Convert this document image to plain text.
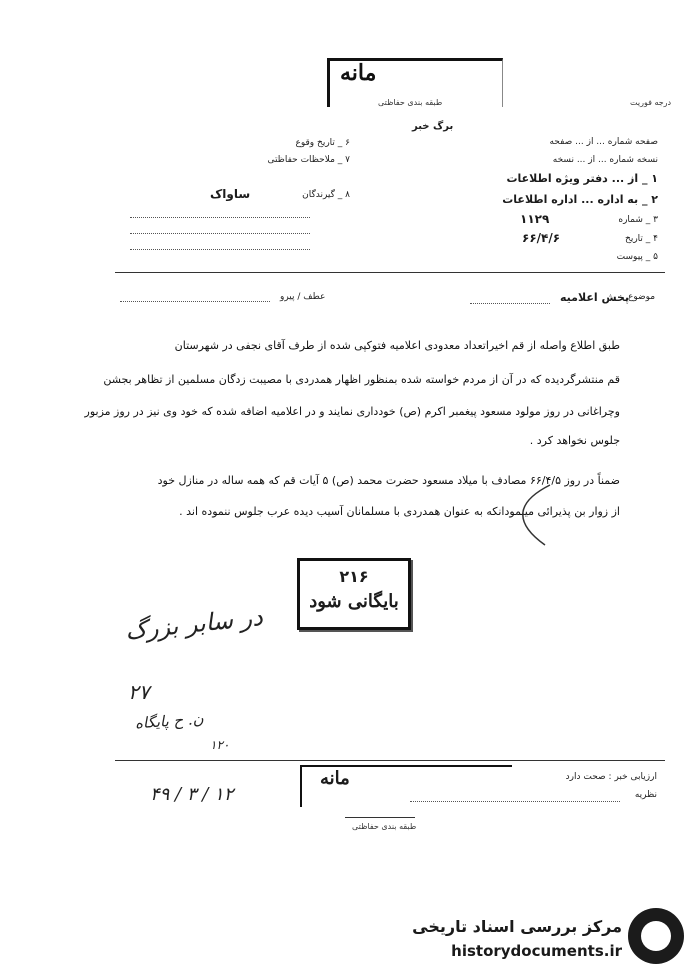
مانه
طبقه بندی حفاظتی	درجه فوریت
برگ خبر
۶ _ تاریخ وقوع
۷ _ ملاحظات حفاظتی
۸ _ گیرندگان
ساواک
صفحه شماره ... از ... صفحه
نسخه شماره ... از ... نسخه
۱ _ از ... دفتر ویژه اطلاعات
۲ _ به اداره ... اداره اطلاعات
۳ _ شماره
۱۱۲۹
۴ _ تاریخ
۶۶/۴/۶
۵ _ پیوست
موضوع
پخش اعلامیه
عطف / پیرو
طبق اطلاع واصله از قم اخیراتعداد معدودی اعلامیه فتوکپی شده از طرف آقای نجفی در شهرستان
قم منتشرگردیده که در آن از مردم خواسته شده بمنظور اظهار همدردی با مصیبت زدگان مسلمین از تظاهر بجشن
وچراغانی در روز مولود مسعود پیغمبر اکرم (ص) خودداری نمایند و در اعلامیه اضافه شده که خود وی نیز در روز مزبور
جلوس نخواهد کرد .
ضمناً در روز ۶۶/۴/۵ مصادف با میلاد مسعود حضرت محمد (ص) ۵ آیات قم که همه ساله در منازل خود
از زوار بن پذیرائی مینمودانکه به عنوان همدردی با مسلمانان آسیب دیده عرب جلوس ننموده اند .
۲۱۶
بایگانی شود
در سابر بزرگ
۲۷
ن. ح پایگاه
۱۲۰
۴۹ / ۳ / ۱۲
ارزیابی خبر : صحت دارد
نظریه
مانه
طبقه بندی حفاظتی
مرکز بررسی اسناد تاریخی
historydocuments.ir
